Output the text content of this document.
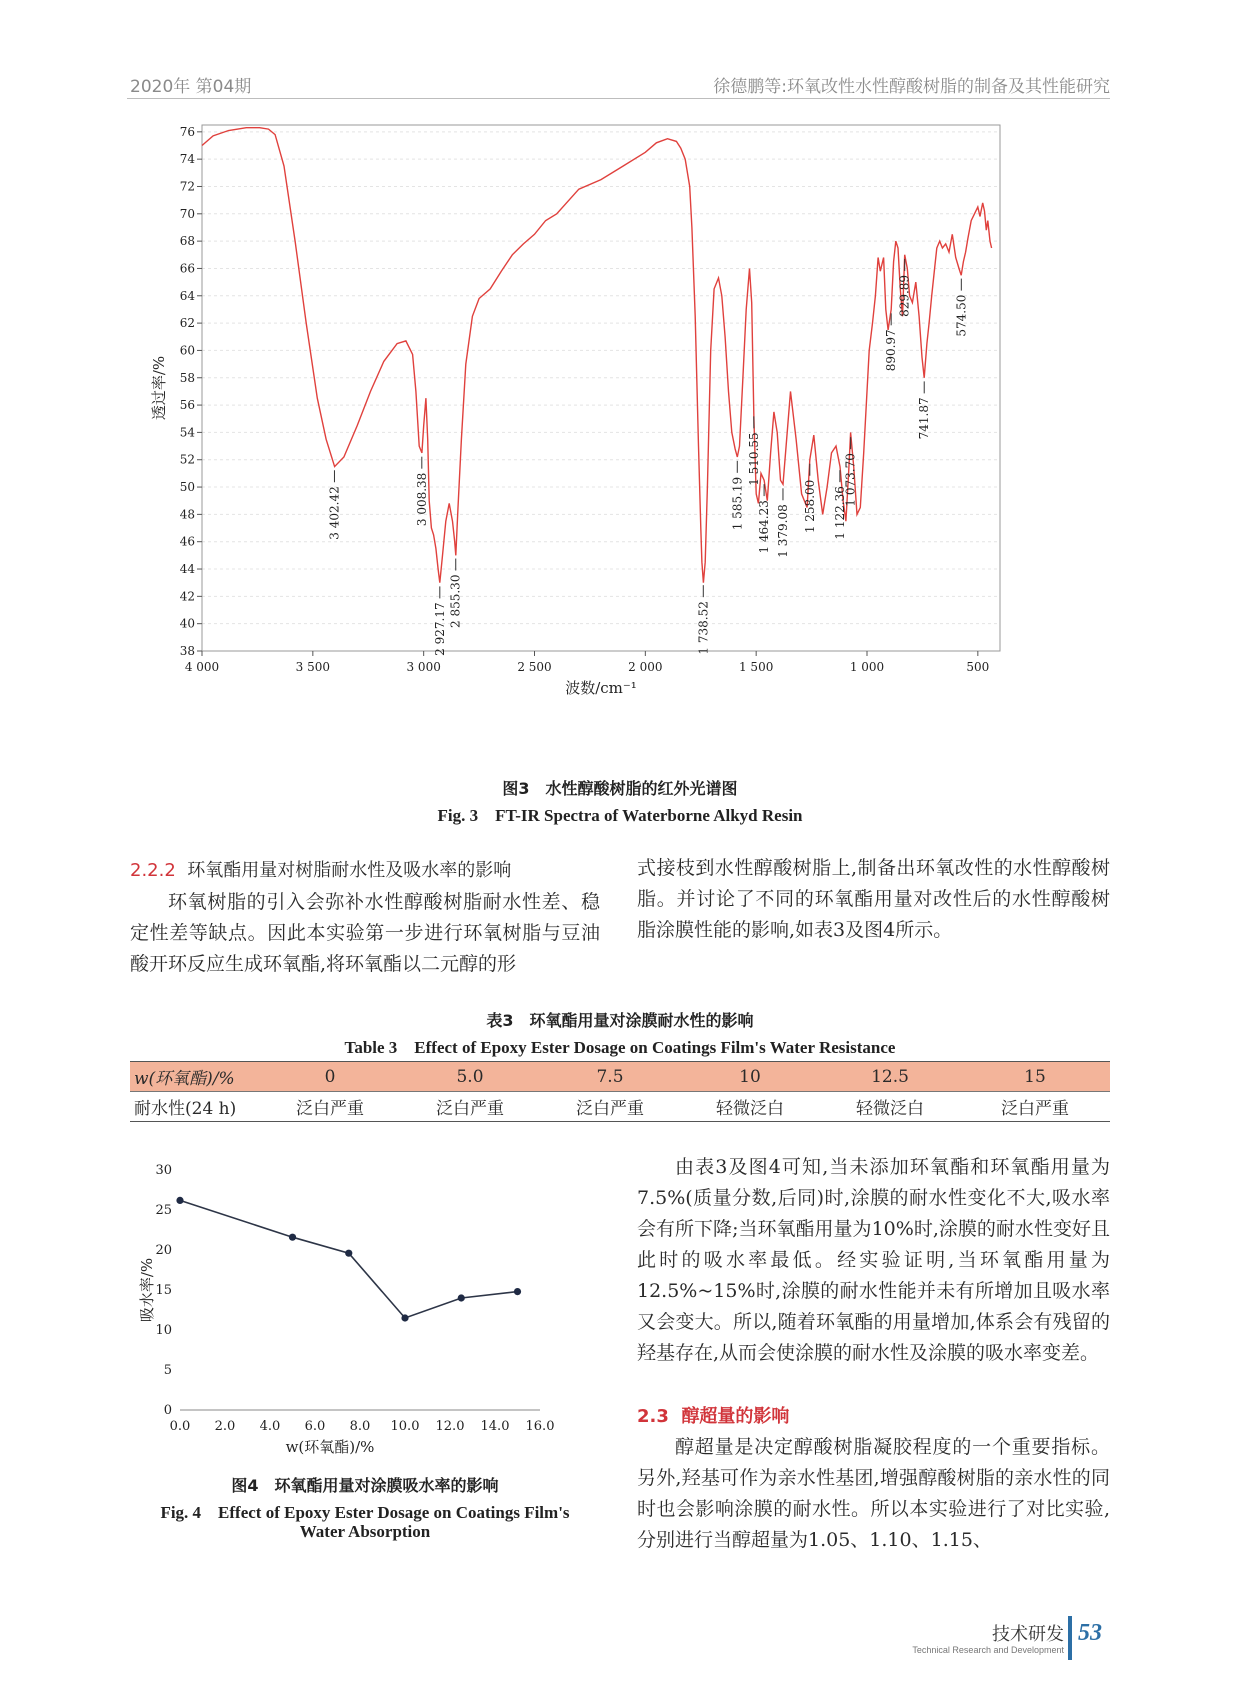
2020年 第04期	徐德鹏等:环氧改性水性醇酸树脂的制备及其性能研究
38
40
42
44
46
48
50
52
54
56
58
60
62
64
66
68
70
72
74
76
4 000	3 500	3 000	2 500	2 000	1 500	1 000	500
3 402.42	3 008.38
2 927.17
2 855.30	1 738.52
1 585.19
1 510.55
1 464.23 1 379.08 1 258.00 1 122.36
1 073.70
890.97
829.89
741.87
574.50
波数/cm⁻¹
透过率/%
图3　水性醇酸树脂的红外光谱图
Fig. 3　FT-IR Spectra of Waterborne Alkyd Resin
2.2.2 环氧酯用量对树脂耐水性及吸水率的影响

环氧树脂的引入会弥补水性醇酸树脂耐水性差、稳定性差等缺点。因此本实验第一步进行环氧树脂与豆油酸开环反应生成环氧酯,将环氧酯以二元醇的形

式接枝到水性醇酸树脂上,制备出环氧改性的水性醇酸树脂。并讨论了不同的环氧酯用量对改性后的水性醇酸树脂涂膜性能的影响,如表3及图4所示。

表3　环氧酯用量对涂膜耐水性的影响
Table 3　Effect of Epoxy Ester Dosage on Coatings Film's Water Resistance
w(环氧酯)/%	0	5.0	7.5	10	12.5	15
耐水性(24 h)	泛白严重	泛白严重	泛白严重	轻微泛白	轻微泛白	泛白严重
0
5
10
15
20
25
30
0.0 2.0 4.0 6.0 8.0 10.0 12.0 14.0 16.0
w(环氧酯)/%
吸水率/%
图4　环氧酯用量对涂膜吸水率的影响
Fig. 4　Effect of Epoxy Ester Dosage on Coatings Film's
Water Absorption

由表3及图4可知,当未添加环氧酯和环氧酯用量为7.5%(质量分数,后同)时,涂膜的耐水性变化不大,吸水率会有所下降;当环氧酯用量为10%时,涂膜的耐水性变好且此时的吸水率最低。经实验证明,当环氧酯用量为12.5%~15%时,涂膜的耐水性能并未有所增加且吸水率又会变大。所以,随着环氧酯的用量增加,体系会有残留的羟基存在,从而会使涂膜的耐水性及涂膜的吸水率变差。

2.3 醇超量的影响

醇超量是决定醇酸树脂凝胶程度的一个重要指标。另外,羟基可作为亲水性基团,增强醇酸树脂的亲水性的同时也会影响涂膜的耐水性。所以本实验进行了对比实验,分别进行当醇超量为1.05、1.10、1.15、

技术研发
Technical Research and Development
53
